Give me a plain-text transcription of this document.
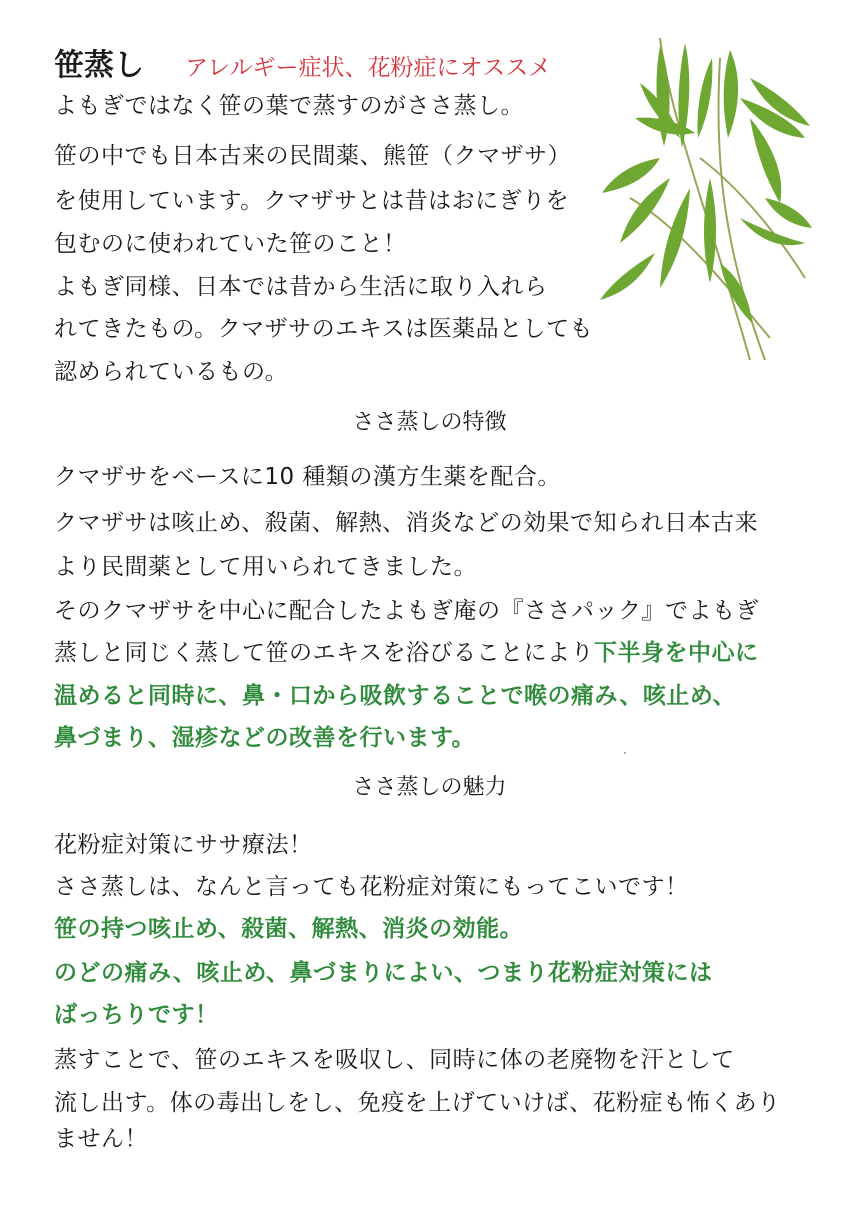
笹蒸し アレルギー症状、花粉症にオススメ
よもぎではなく笹の葉で蒸すのがささ蒸し。
笹の中でも日本古来の民間薬、熊笹（クマザサ）
を使用しています。クマザサとは昔はおにぎりを
包むのに使われていた笹のこと！
よもぎ同様、日本では昔から生活に取り入れら
れてきたもの。クマザサのエキスは医薬品としても
認められているもの。
ささ蒸しの特徴
クマザサをベースに10 種類の漢方生薬を配合。
クマザサは咳止め、殺菌、解熱、消炎などの効果で知られ日本古来
より民間薬として用いられてきました。
そのクマザサを中心に配合したよもぎ庵の『ささパック』でよもぎ
蒸しと同じく蒸して笹のエキスを浴びることにより下半身を中心に
温めると同時に、鼻・口から吸飲することで喉の痛み、咳止め、
鼻づまり、湿疹などの改善を行います。
ささ蒸しの魅力
花粉症対策にササ療法！
ささ蒸しは、なんと言っても花粉症対策にもってこいです！
笹の持つ咳止め、殺菌、解熱、消炎の効能。
のどの痛み、咳止め、鼻づまりによい、つまり花粉症対策には
ばっちりです！
蒸すことで、笹のエキスを吸収し、同時に体の老廃物を汗として
流し出す。体の毒出しをし、免疫を上げていけば、花粉症も怖くあり
ません！
